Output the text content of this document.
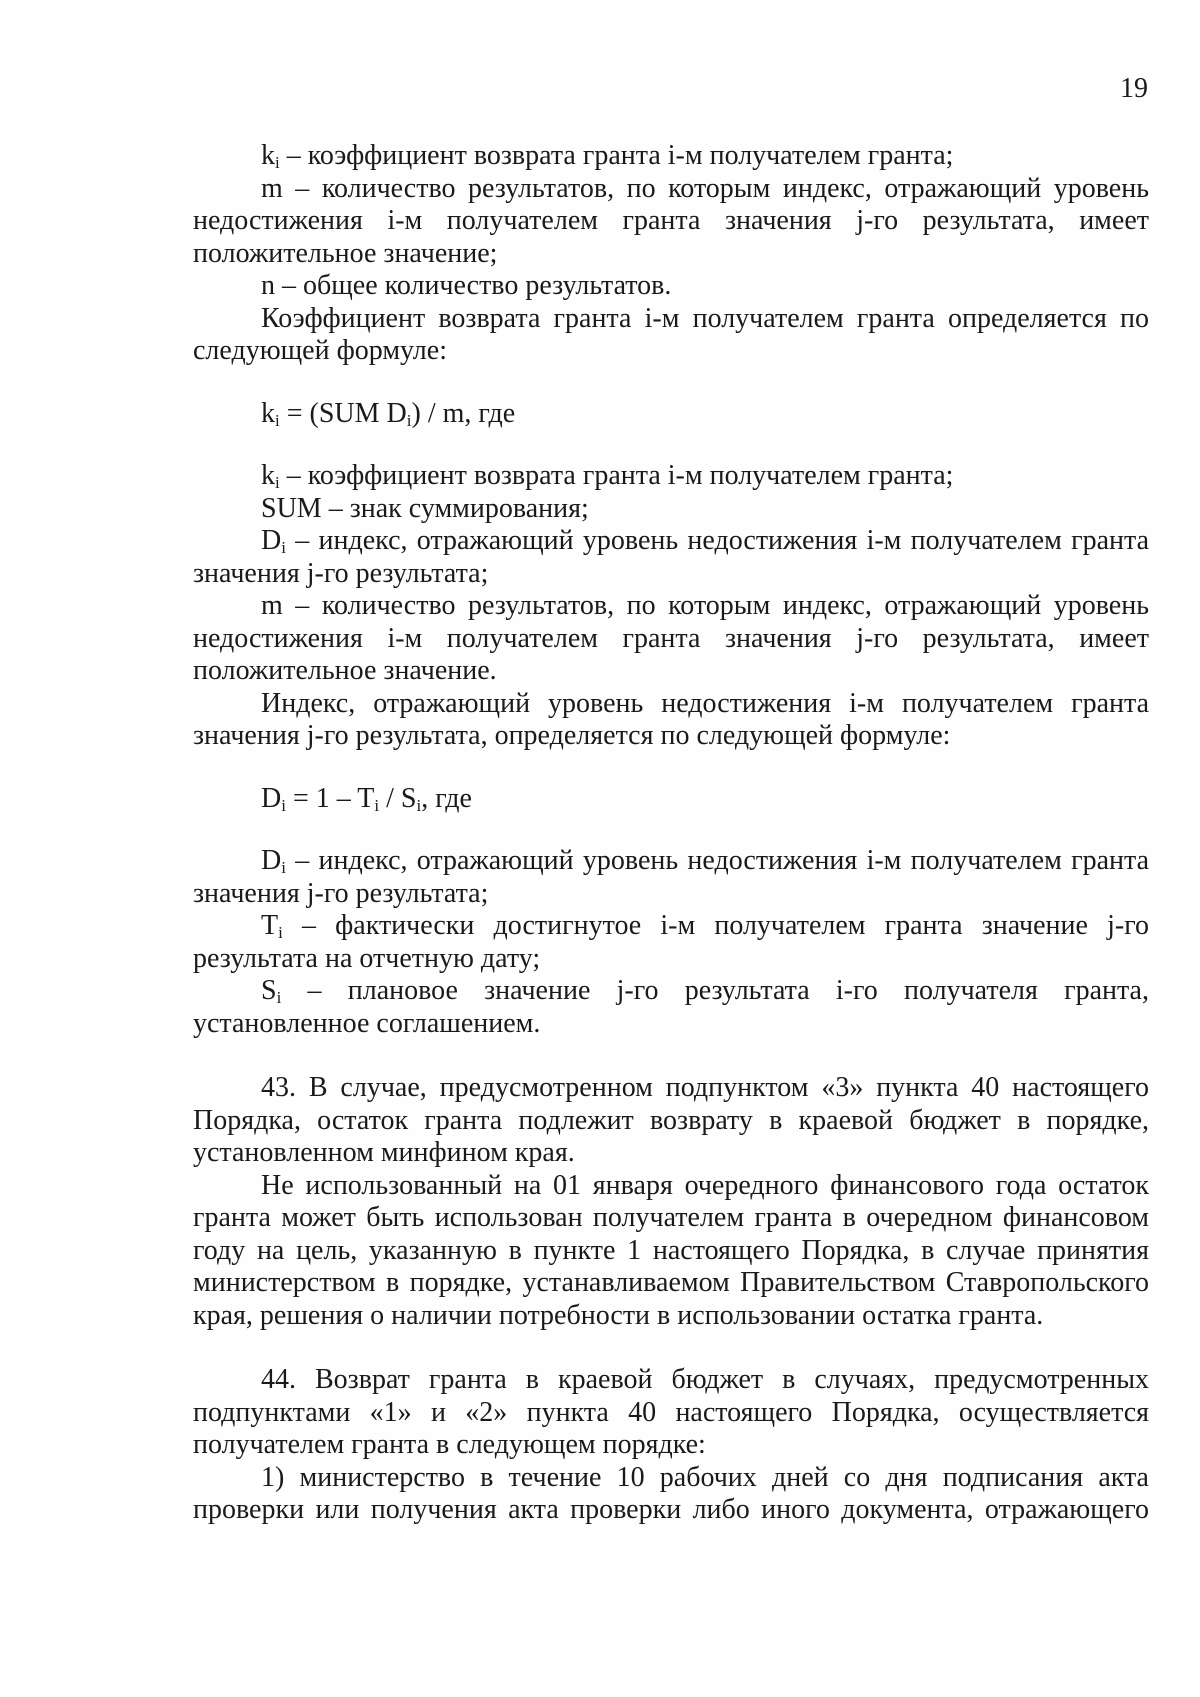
19

$k_i$ – коэффициент возврата гранта i-м получателем гранта;

m – количество результатов, по которым индекс, отражающий уровень недостижения i-м получателем гранта значения j-го результата, имеет положительное значение;

n – общее количество результатов.

Коэффициент возврата гранта i-м получателем гранта определяется по следующей формуле:

$k_i = (SUM$ $D_i$) / m, где

$k_i$ – коэффициент возврата гранта i-м получателем гранта;

SUM – знак суммирования;

$D_i$ – индекс, отражающий уровень недостижения i-м получателем гранта значения j-го результата;

m – количество результатов, по которым индекс, отражающий уровень недостижения i-м получателем гранта значения j-го результата, имеет положительное значение.

Индекс, отражающий уровень недостижения i-м получателем гранта значения j-го результата, определяется по следующей формуле:

$D_i = 1 - T_i / S_i$, где

$D_i$ – индекс, отражающий уровень недостижения i-м получателем гранта значения j-го результата;

$T_i$ – фактически достигнутое i-м получателем гранта значение j-го результата на отчетную дату;

$S_i$ – плановое значение j-го результата i-го получателя гранта, установленное соглашением.

43. В случае, предусмотренном подпунктом «3» пункта 40 настоящего Порядка, остаток гранта подлежит возврату в краевой бюджет в порядке, установленном минфином края.

Не использованный на 01 января очередного финансового года остаток гранта может быть использован получателем гранта в очередном финансовом году на цель, указанную в пункте 1 настоящего Порядка, в случае принятия министерством в порядке, устанавливаемом Правительством Ставропольского края, решения о наличии потребности в использовании остатка гранта.

44. Возврат гранта в краевой бюджет в случаях, предусмотренных подпунктами «1» и «2» пункта 40 настоящего Порядка, осуществляется получателем гранта в следующем порядке:

1) министерство в течение 10 рабочих дней со дня подписания акта проверки или получения акта проверки либо иного документа, отражающего
